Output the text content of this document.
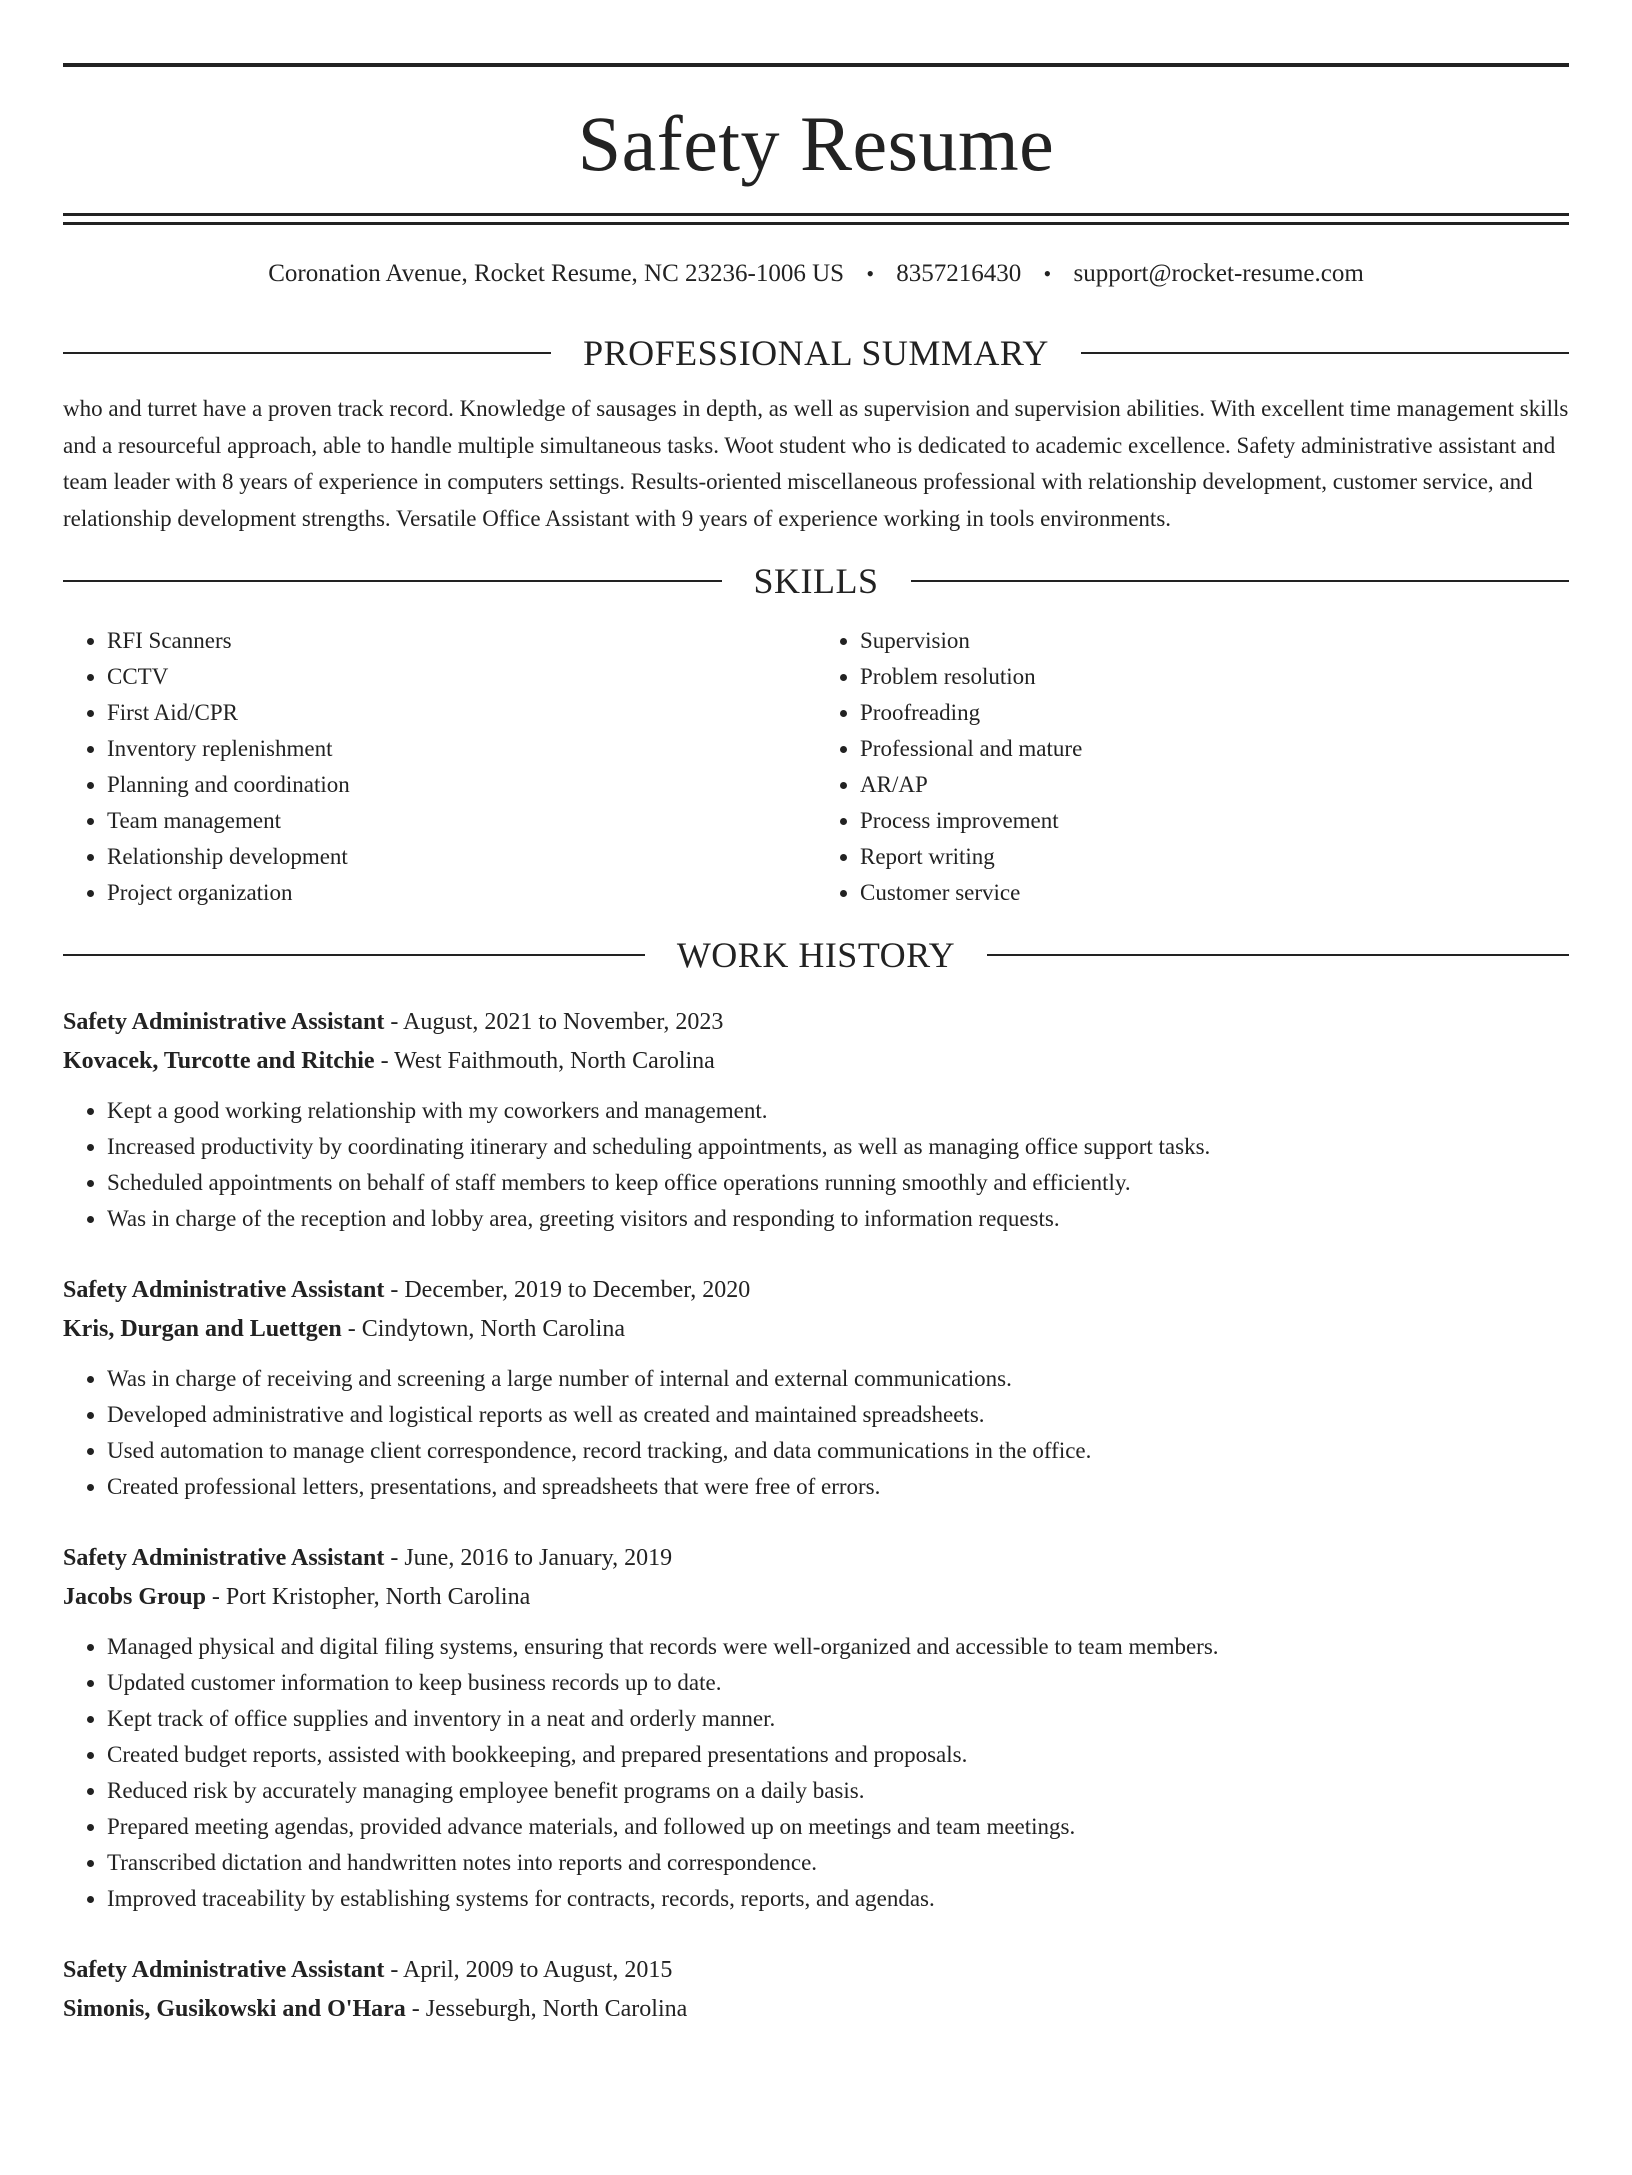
Safety Resume
Coronation Avenue, Rocket Resume, NC 23236-1006 US • 8357216430 • support@rocket-resume.com
PROFESSIONAL SUMMARY
who and turret have a proven track record. Knowledge of sausages in depth, as well as supervision and supervision abilities. With excellent time management skills and a resourceful approach, able to handle multiple simultaneous tasks. Woot student who is dedicated to academic excellence. Safety administrative assistant and team leader with 8 years of experience in computers settings. Results-oriented miscellaneous professional with relationship development, customer service, and relationship development strengths. Versatile Office Assistant with 9 years of experience working in tools environments.
SKILLS
• RFI Scanners
• CCTV
• First Aid/CPR
• Inventory replenishment
• Planning and coordination
• Team management
• Relationship development
• Project organization
• Supervision
• Problem resolution
• Proofreading
• Professional and mature
• AR/AP
• Process improvement
• Report writing
• Customer service
WORK HISTORY
Safety Administrative Assistant - August, 2021 to November, 2023
Kovacek, Turcotte and Ritchie - West Faithmouth, North Carolina
• Kept a good working relationship with my coworkers and management.
• Increased productivity by coordinating itinerary and scheduling appointments, as well as managing office support tasks.
• Scheduled appointments on behalf of staff members to keep office operations running smoothly and efficiently.
• Was in charge of the reception and lobby area, greeting visitors and responding to information requests.
Safety Administrative Assistant - December, 2019 to December, 2020
Kris, Durgan and Luettgen - Cindytown, North Carolina
• Was in charge of receiving and screening a large number of internal and external communications.
• Developed administrative and logistical reports as well as created and maintained spreadsheets.
• Used automation to manage client correspondence, record tracking, and data communications in the office.
• Created professional letters, presentations, and spreadsheets that were free of errors.
Safety Administrative Assistant - June, 2016 to January, 2019
Jacobs Group - Port Kristopher, North Carolina
• Managed physical and digital filing systems, ensuring that records were well-organized and accessible to team members.
• Updated customer information to keep business records up to date.
• Kept track of office supplies and inventory in a neat and orderly manner.
• Created budget reports, assisted with bookkeeping, and prepared presentations and proposals.
• Reduced risk by accurately managing employee benefit programs on a daily basis.
• Prepared meeting agendas, provided advance materials, and followed up on meetings and team meetings.
• Transcribed dictation and handwritten notes into reports and correspondence.
• Improved traceability by establishing systems for contracts, records, reports, and agendas.
Safety Administrative Assistant - April, 2009 to August, 2015
Simonis, Gusikowski and O'Hara - Jesseburgh, North Carolina
